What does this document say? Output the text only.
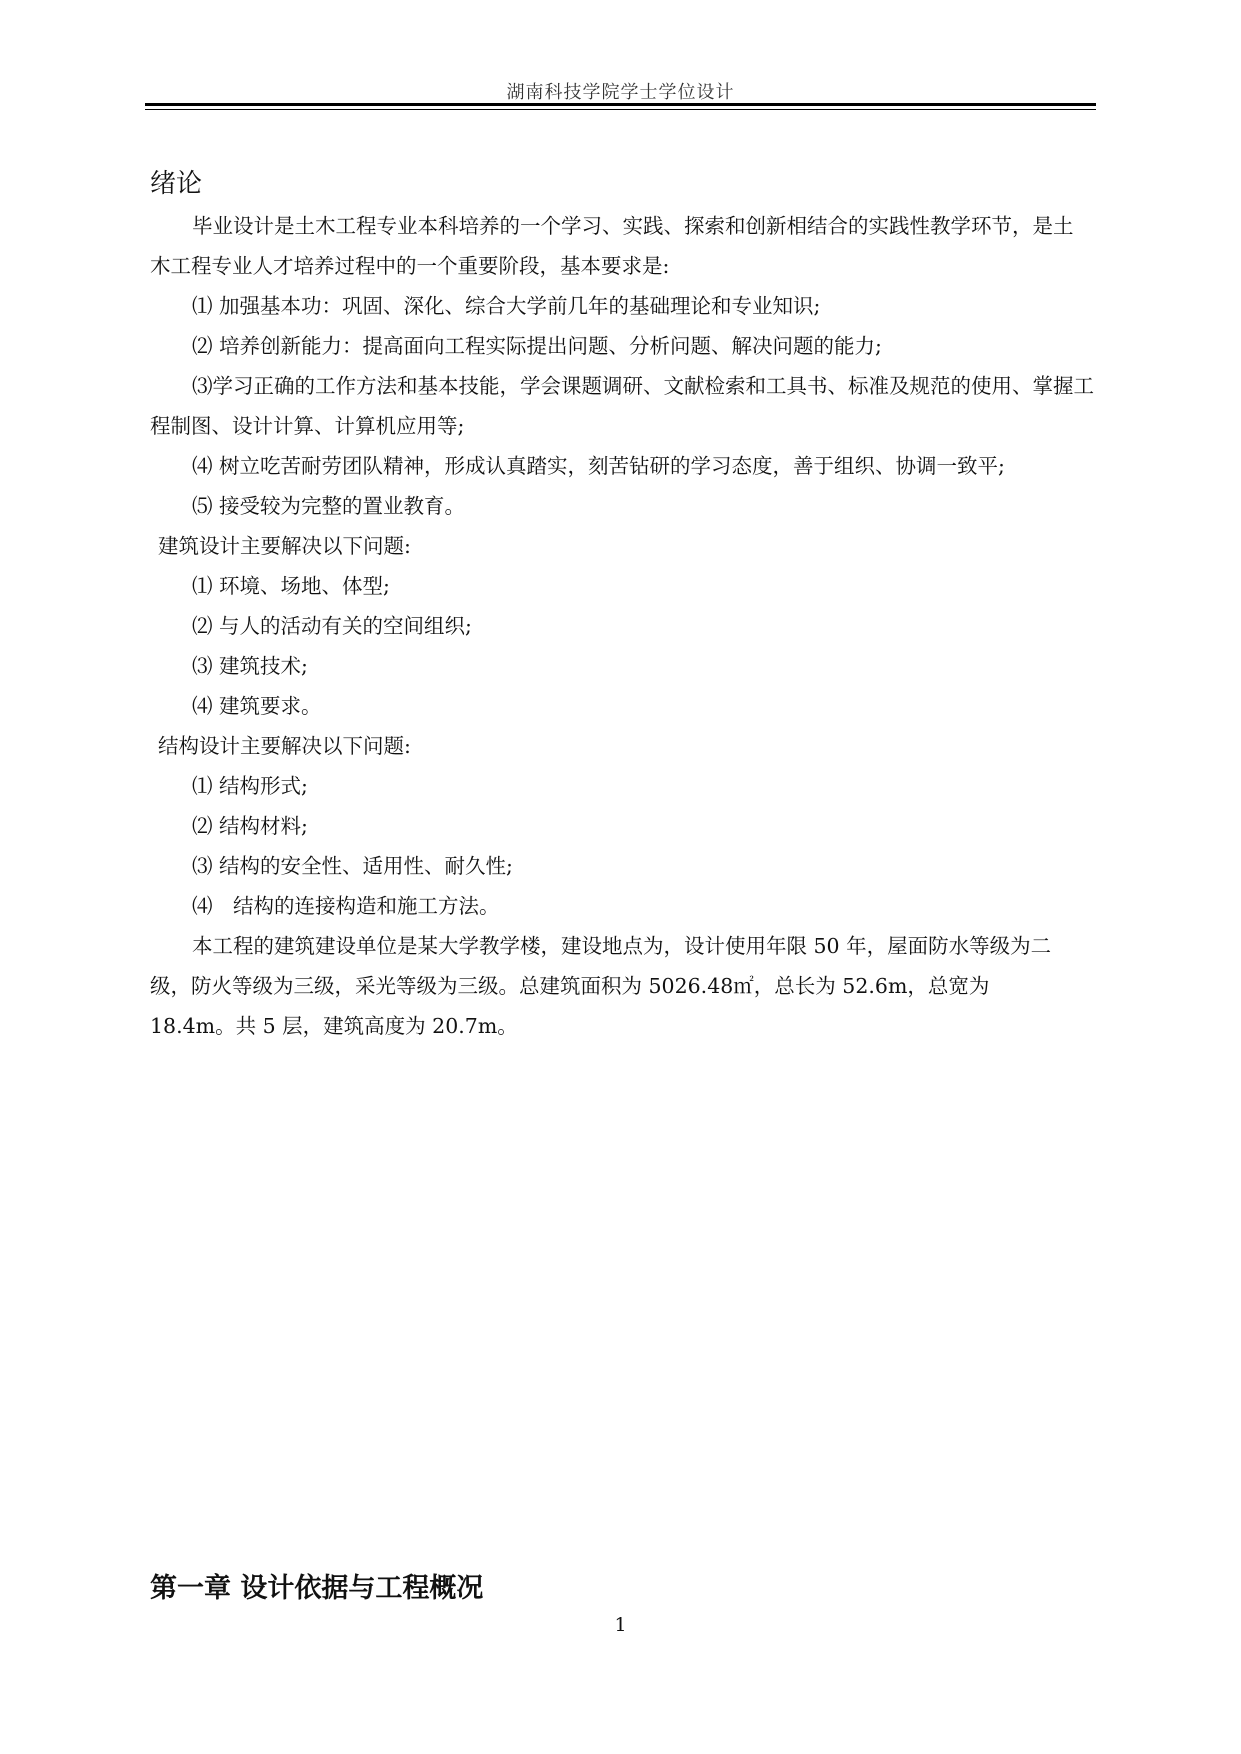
湖南科技学院学士学位设计
绪论

毕业设计是土木工程专业本科培养的一个学习、实践、探索和创新相结合的实践性教学环节，是土木工程专业人才培养过程中的一个重要阶段，基本要求是:

⑴ 加强基本功：巩固、深化、综合大学前几年的基础理论和专业知识;

⑵ 培养创新能力：提高面向工程实际提出问题、分析问题、解决问题的能力;

⑶学习正确的工作方法和基本技能，学会课题调研、文献检索和工具书、标准及规范的使用、掌握工程制图、设计计算、计算机应用等;

⑷ 树立吃苦耐劳团队精神，形成认真踏实，刻苦钻研的学习态度，善于组织、协调一致平;

⑸ 接受较为完整的置业教育。

建筑设计主要解决以下问题:

⑴ 环境、场地、体型;

⑵ 与人的活动有关的空间组织;

⑶ 建筑技术;

⑷ 建筑要求。

结构设计主要解决以下问题:

⑴ 结构形式;

⑵ 结构材料;

⑶ 结构的安全性、适用性、耐久性;

⑷　结构的连接构造和施工方法。

本工程的建筑建设单位是某大学教学楼，建设地点为，设计使用年限 50 年，屋面防水等级为二级，防火等级为三级，采光等级为三级。总建筑面积为 5026.48㎡，总长为 52.6m，总宽为 18.4m。共 5 层，建筑高度为 20.7m。

第一章 设计依据与工程概况
1
